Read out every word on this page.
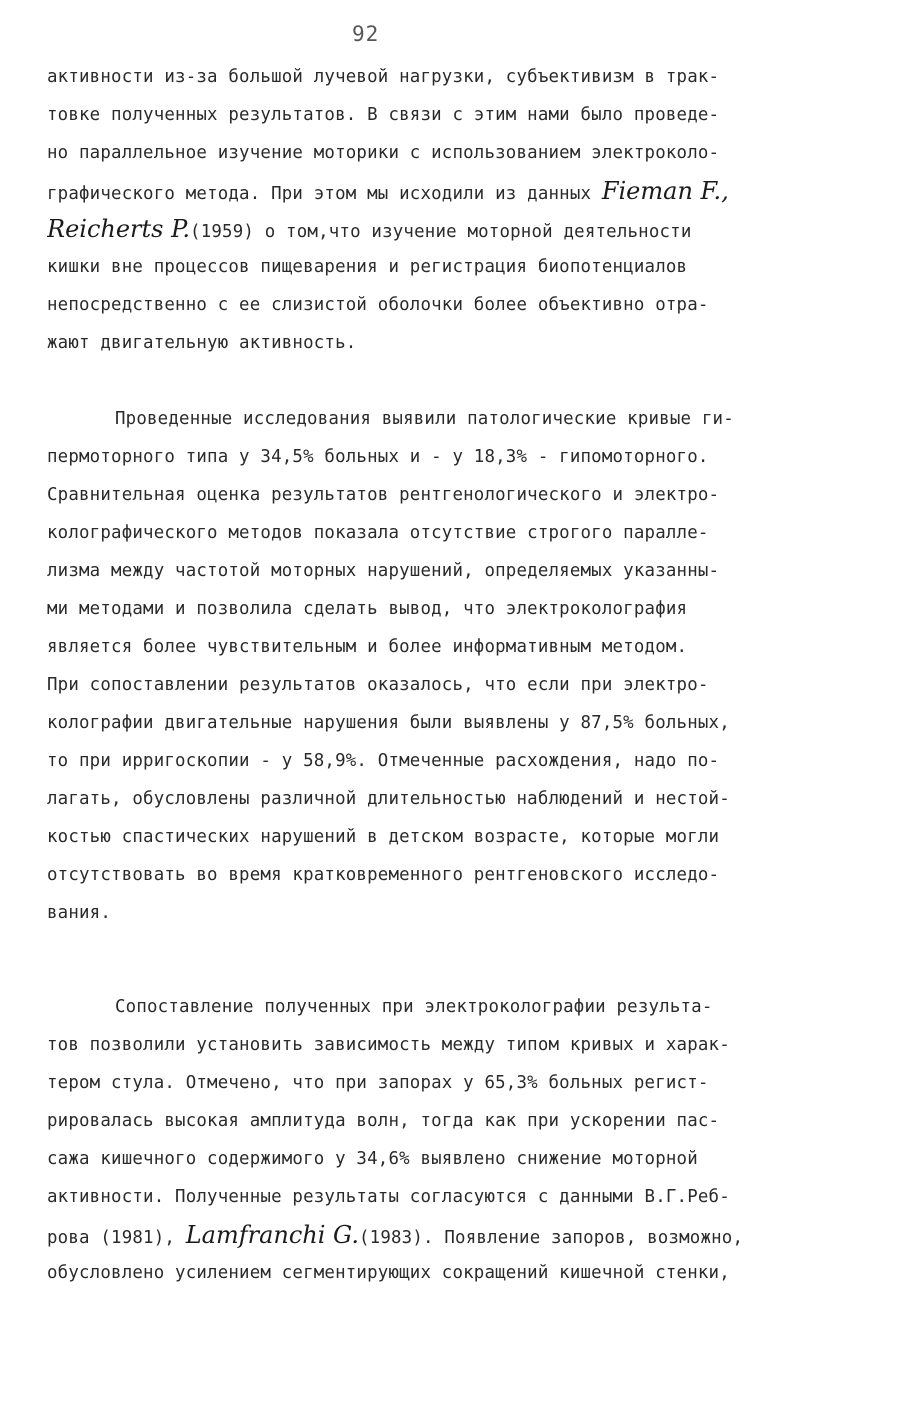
92
активности из-за большой лучевой нагрузки, субъективизм в трак-
товке полученных результатов. В связи с этим нами было проведе-
но параллельное изучение моторики с использованием электроколо-
графического метода. При этом мы исходили из данных Fieman F.,
Reicherts P.(1959) о том,что изучение моторной деятельности
кишки вне процессов пищеварения и регистрация биопотенциалов
непосредственно с ее слизистой оболочки более объективно отра-
жают двигательную активность.
Проведенные исследования выявили патологические кривые ги-
пермоторного типа у 34,5% больных и - у 18,3% - гипомоторного.
Сравнительная оценка результатов рентгенологического и электро-
колографического методов показала отсутствие строгого паралле-
лизма между частотой моторных нарушений, определяемых указанны-
ми методами и позволила сделать вывод, что электроколография
является более чувствительным и более информативным методом.
При сопоставлении результатов оказалось, что если при электро-
колографии двигательные нарушения были выявлены у 87,5% больных,
то при ирригоскопии - у 58,9%. Отмеченные расхождения, надо по-
лагать, обусловлены различной длительностью наблюдений и нестой-
костью спастических нарушений в детском возрасте, которые могли
отсутствовать во время кратковременного рентгеновского исследо-
вания.
Сопоставление полученных при электроколографии результа-
тов позволили установить зависимость между типом кривых и харак-
тером стула. Отмечено, что при запорах у 65,3% больных регист-
рировалась высокая амплитуда волн, тогда как при ускорении пас-
сажа кишечного содержимого у 34,6% выявлено снижение моторной
активности. Полученные результаты согласуются с данными В.Г.Реб-
рова (1981), Lamfranchi G.(1983). Появление запоров, возможно,
обусловлено усилением сегментирующих сокращений кишечной стенки,
